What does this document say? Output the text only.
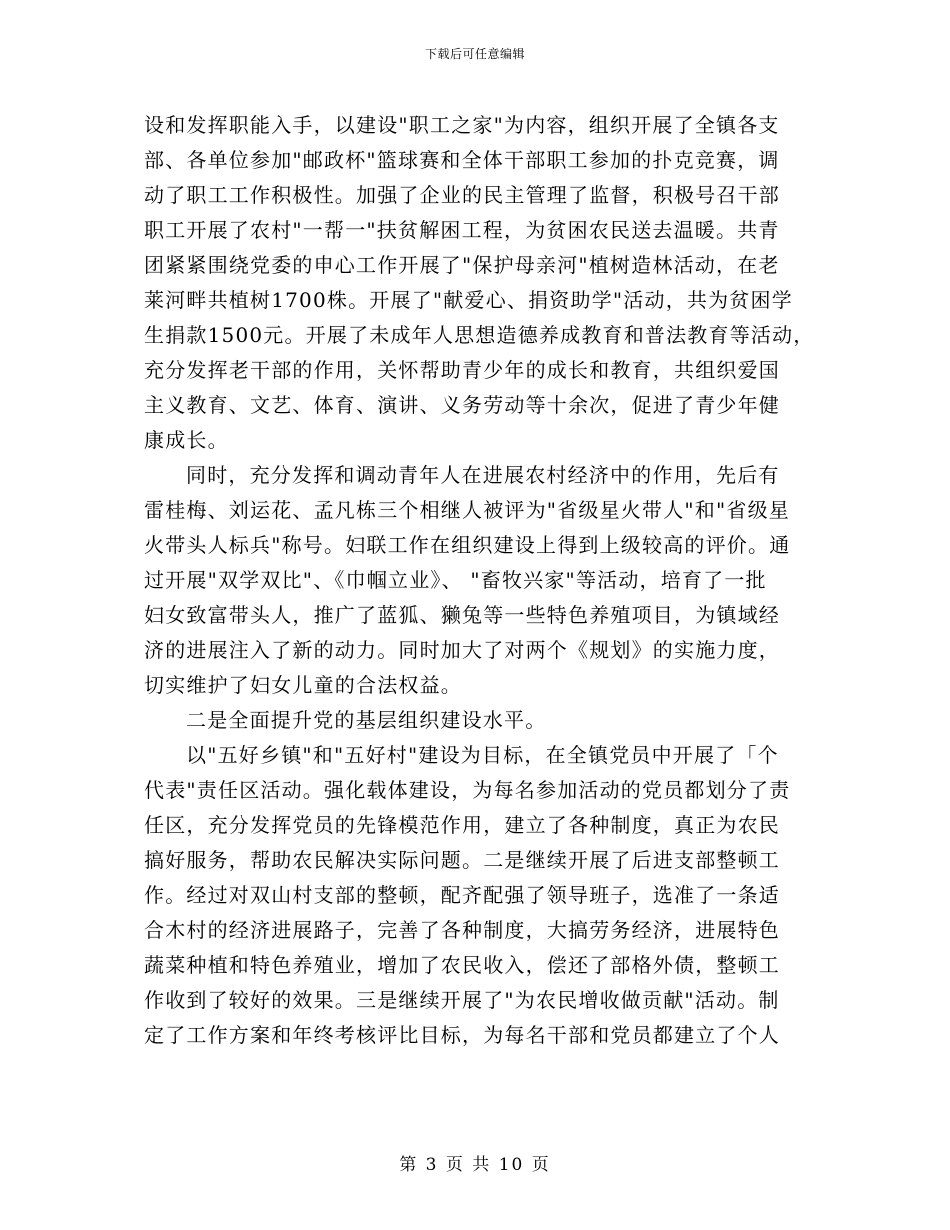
下载后可任意编辑
设和发挥职能入手，以建设"职工之家"为内容，组织开展了全镇各支
部、各单位参加"邮政杯"篮球赛和全体干部职工参加的扑克竞赛，调
动了职工工作积极性。加强了企业的民主管理了监督，积极号召干部
职工开展了农村"一帮一"扶贫解困工程，为贫困农民送去温暖。共青
团紧紧围绕党委的申心工作开展了"保护母亲河"植树造林活动，在老
莱河畔共植树1700株。开展了"献爱心、捐资助学"活动，共为贫困学
生捐款1500元。开展了未成年人思想造德养成教育和普法教育等活动，
充分发挥老干部的作用，关怀帮助青少年的成长和教育，共组织爱国
主义教育、文艺、体育、演讲、义务劳动等十余次，促进了青少年健
康成长。
同时，充分发挥和调动青年人在进展农村经济中的作用，先后有
雷桂梅、刘运花、孟凡栋三个相继人被评为"省级星火带人"和"省级星
火带头人标兵"称号。妇联工作在组织建设上得到上级较高的评价。通
过开展"双学双比"、《巾帼立业》、 "畜牧兴家"等活动，培育了一批
妇女致富带头人，推广了蓝狐、獭兔等一些特色养殖项目，为镇域经
济的进展注入了新的动力。同时加大了对两个《规划》的实施力度，
切实维护了妇女儿童的合法权益。
二是全面提升党的基层组织建设水平。
以"五好乡镇"和"五好村"建设为目标，在全镇党员中开展了「个
代表"责任区活动。强化载体建设，为每名参加活动的党员都划分了责
任区，充分发挥党员的先锋模范作用，建立了各种制度，真正为农民
搞好服务，帮助农民解决实际问题。二是继续开展了后进支部整顿工
作。经过对双山村支部的整顿，配齐配强了领导班子，选准了一条适
合木村的经济进展路子，完善了各种制度，大搞劳务经济，进展特色
蔬菜种植和特色养殖业，增加了农民收入，偿还了部格外债，整顿工
作收到了较好的效果。三是继续开展了"为农民增收做贡献"活动。制
定了工作方案和年终考核评比目标，为每名干部和党员都建立了个人
第 3 页 共 10 页
